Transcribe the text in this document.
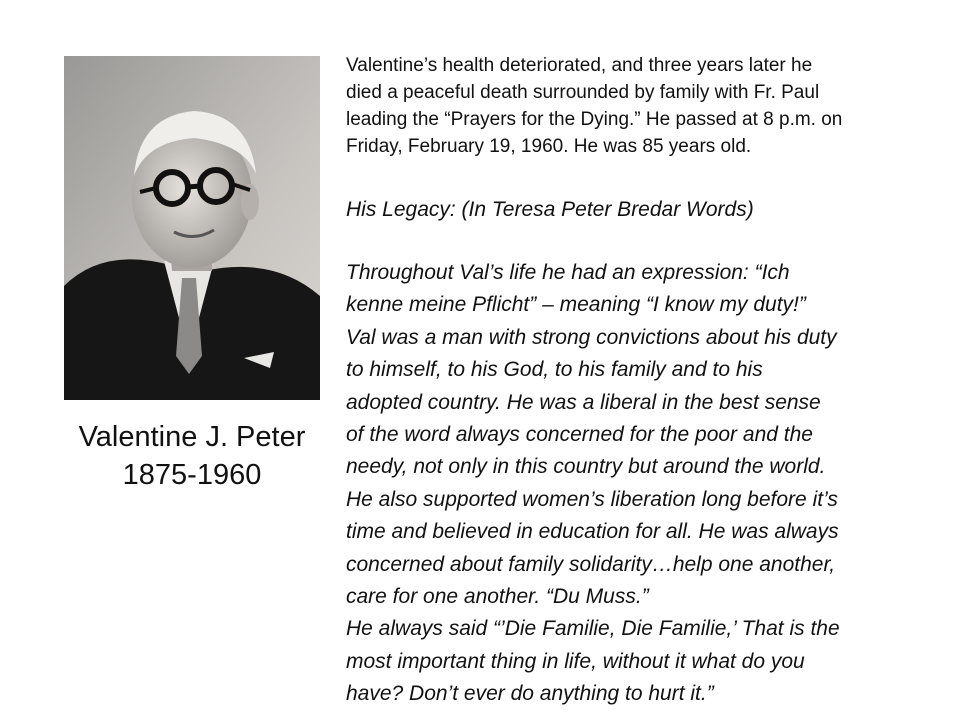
Valentine J. Peter
1875-1960
Valentine’s health deteriorated, and three years later he
died a peaceful death surrounded by family with Fr. Paul
leading the “Prayers for the Dying.” He passed at 8 p.m. on
Friday, February 19, 1960. He was 85 years old.
His Legacy: (In Teresa Peter Bredar Words)
Throughout Val’s life he had an expression: “Ich
kenne meine Pflicht” – meaning “I know my duty!”
Val was a man with strong convictions about his duty
to himself, to his God, to his family and to his
adopted country. He was a liberal in the best sense
of the word always concerned for the poor and the
needy, not only in this country but around the world.
He also supported women’s liberation long before it’s
time and believed in education for all. He was always
concerned about family solidarity…help one another,
care for one another. “Du Muss.”
He always said “’Die Familie, Die Familie,’ That is the
most important thing in life, without it what do you
have? Don’t ever do anything to hurt it.”
